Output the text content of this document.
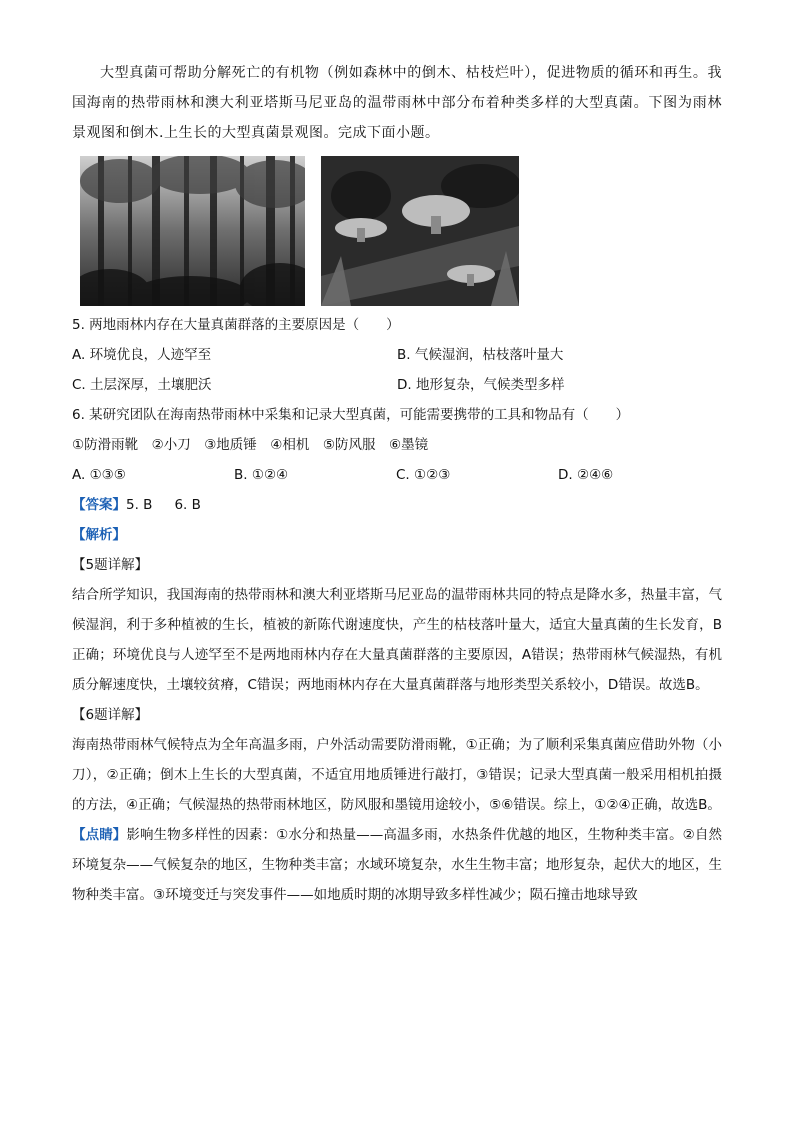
大型真菌可帮助分解死亡的有机物（例如森林中的倒木、枯枝烂叶），促进物质的循环和再生。我国海南的热带雨林和澳大利亚塔斯马尼亚岛的温带雨林中部分布着种类多样的大型真菌。下图为雨林景观图和倒木.上生长的大型真菌景观图。完成下面小题。

5. 两地雨林内存在大量真菌群落的主要原因是（　　）
A. 环境优良，人迹罕至	B. 气候湿润，枯枝落叶量大
C. 土层深厚，土壤肥沃	D. 地形复杂，气候类型多样
6. 某研究团队在海南热带雨林中采集和记录大型真菌，可能需要携带的工具和物品有（　　）
①防滑雨靴　②小刀　③地质锤　④相机　⑤防风服　⑥墨镜
A. ①③⑤	B. ①②④	C. ①②③	D. ②④⑥
【答案】5. B 6. B
【解析】
【5题详解】

结合所学知识，我国海南的热带雨林和澳大利亚塔斯马尼亚岛的温带雨林共同的特点是降水多，热量丰富，气候湿润，利于多种植被的生长，植被的新陈代谢速度快，产生的枯枝落叶量大，适宜大量真菌的生长发育，B正确；环境优良与人迹罕至不是两地雨林内存在大量真菌群落的主要原因，A错误；热带雨林气候湿热，有机质分解速度快，土壤较贫瘠，C错误；两地雨林内存在大量真菌群落与地形类型关系较小，D错误。故选B。

【6题详解】

海南热带雨林气候特点为全年高温多雨，户外活动需要防滑雨靴，①正确；为了顺利采集真菌应借助外物（小刀），②正确；倒木上生长的大型真菌，不适宜用地质锤进行敲打，③错误；记录大型真菌一般采用相机拍摄的方法，④正确；气候湿热的热带雨林地区，防风服和墨镜用途较小，⑤⑥错误。综上，①②④正确，故选B。

【点睛】影响生物多样性的因素：①水分和热量——高温多雨，水热条件优越的地区，生物种类丰富。②自然环境复杂——气候复杂的地区，生物种类丰富；水域环境复杂，水生生物丰富；地形复杂，起伏大的地区，生物种类丰富。③环境变迁与突发事件——如地质时期的冰期导致多样性减少；陨石撞击地球导致
